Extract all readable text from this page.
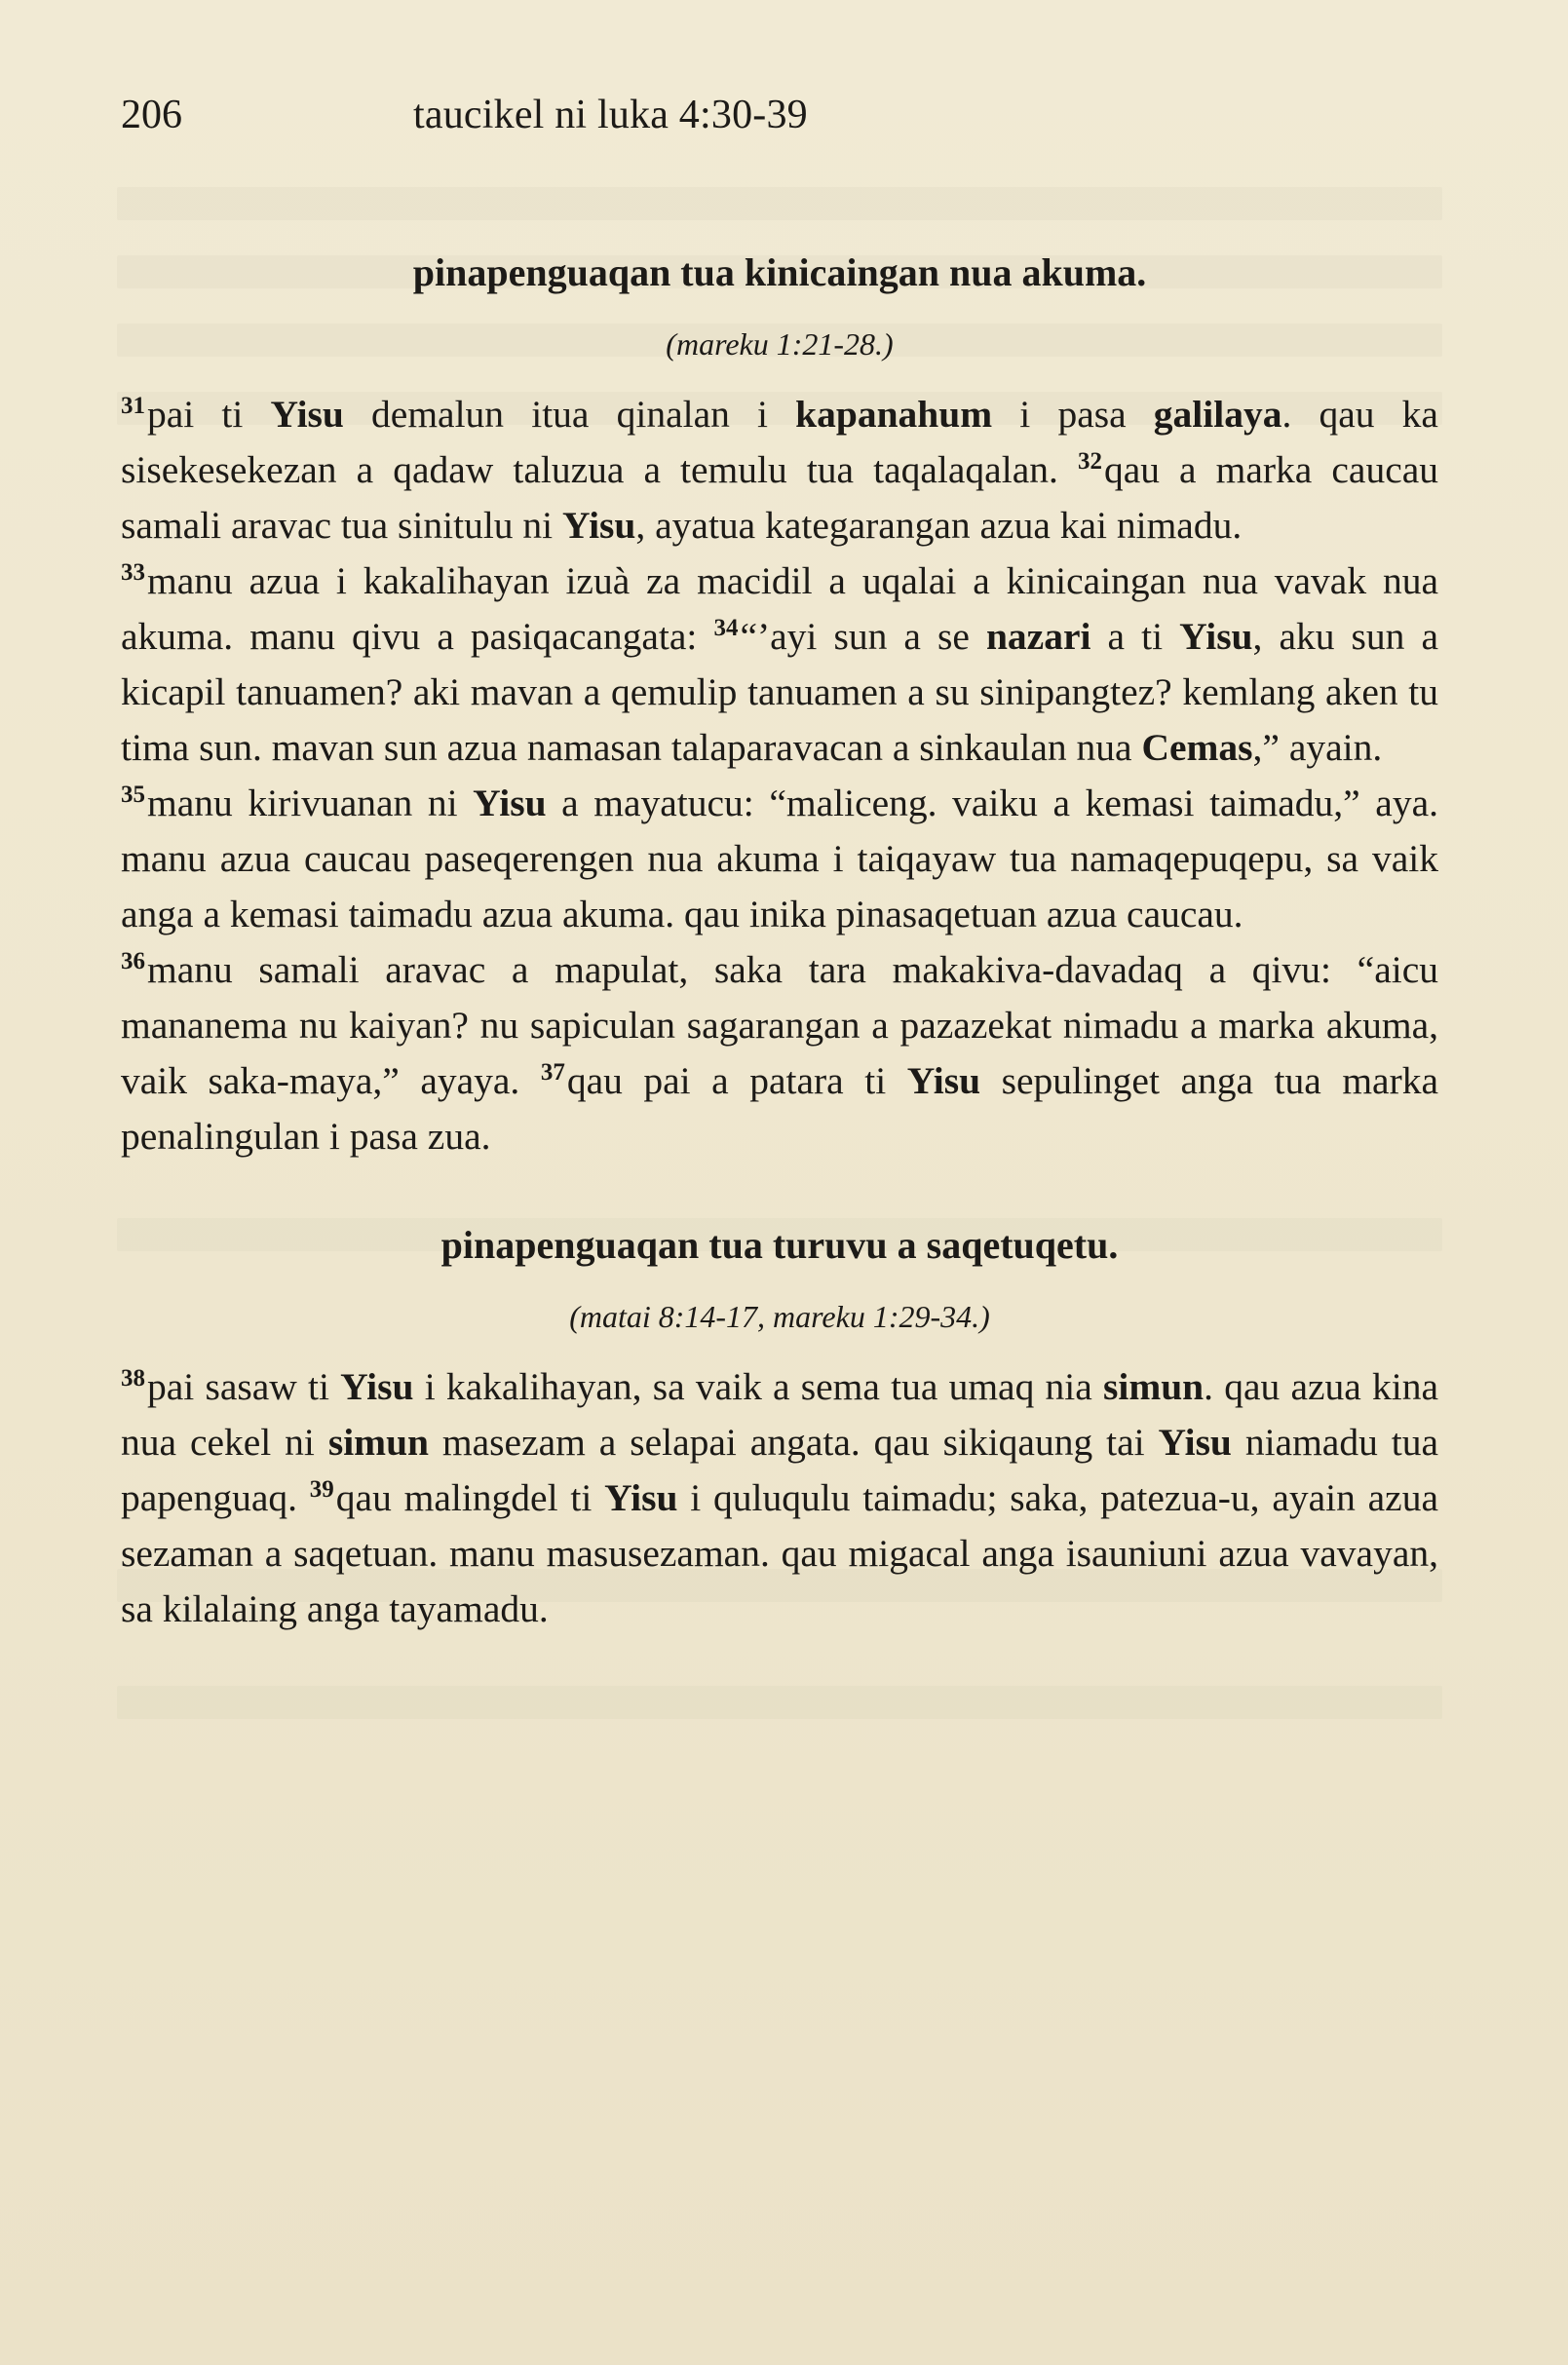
206	taucikel ni luka 4:30-39
pinapenguaqan tua kinicaingan nua akuma.
(mareku 1:21-28.)

$^{31}$pai ti Yisu demalun itua qinalan i kapanahum i pasa galilaya. qau ka sisekesekezan a qadaw taluzua a temulu tua taqalaqalan. $^{32}$qau a marka caucau samali aravac tua sinitulu ni Yisu, ayatua kategarangan azua kai nimadu.

$^{33}$manu azua i kakalihayan izuà za macidil a uqalai a kinicaingan nua vavak nua akuma. manu qivu a pasiqacangata: $^{34}$“’ayi sun a se nazari a ti Yisu, aku sun a kicapil tanuamen? aki mavan a qemulip tanuamen a su sinipangtez? kemlang aken tu tima sun. mavan sun azua namasan talaparavacan a sinkaulan nua Cemas,” ayain.

$^{35}$manu kirivuanan ni Yisu a mayatucu: “maliceng. vaiku a kemasi taimadu,” aya. manu azua caucau paseqerengen nua akuma i taiqayaw tua namaqepuqepu, sa vaik anga a kemasi taimadu azua akuma. qau inika pinasaqetuan azua caucau.

$^{36}$manu samali aravac a mapulat, saka tara makakiva-davadaq a qivu: “aicu mananema nu kaiyan? nu sapiculan sagarangan a pazazekat nimadu a marka akuma, vaik saka-maya,” ayaya. $^{37}$qau pai a patara ti Yisu sepulinget anga tua marka penalingulan i pasa zua.

pinapenguaqan tua turuvu a saqetuqetu.
(matai 8:14-17, mareku 1:29-34.)

$^{38}$pai sasaw ti Yisu i kakalihayan, sa vaik a sema tua umaq nia simun. qau azua kina nua cekel ni simun masezam a selapai angata. qau sikiqaung tai Yisu niamadu tua papenguaq. $^{39}$qau malingdel ti Yisu i quluqulu taimadu; saka, patezua-u, ayain azua sezaman a saqetuan. manu masusezaman. qau migacal anga isauniuni azua vavayan, sa kilalaing anga tayamadu.
